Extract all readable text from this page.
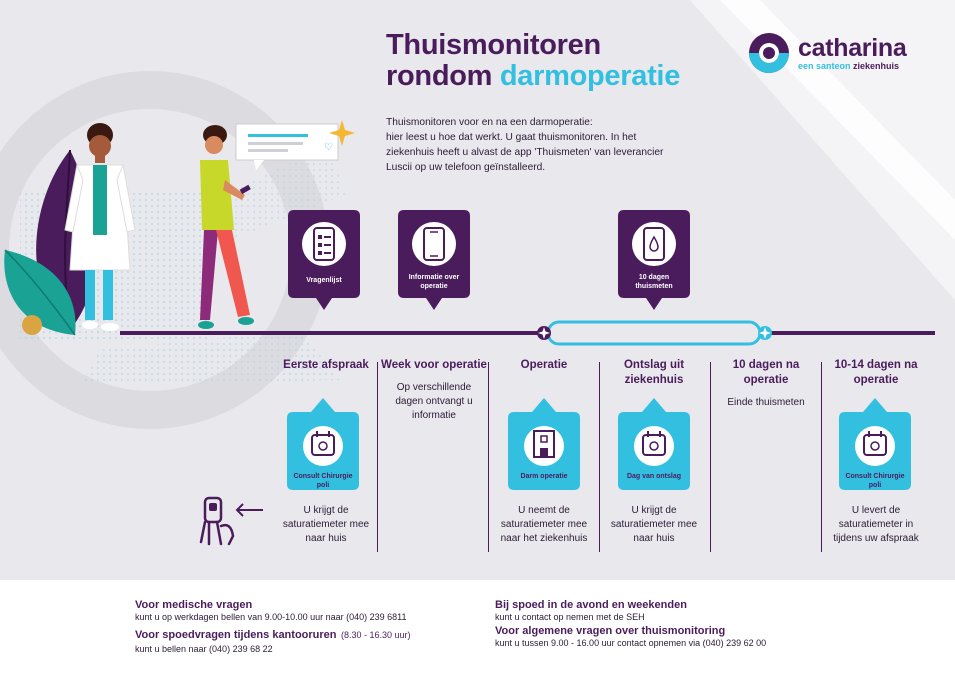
♡
Thuismonitoren
rondom darmoperatie
Thuismonitoren voor en na een darmoperatie:
hier leest u hoe dat werkt. U gaat thuismonitoren. In het
ziekenhuis heeft u alvast de app 'Thuismeten' van leverancier
Luscii op uw telefoon geïnstalleerd.
catharina
een santeon ziekenhuis
Vragenlijst	Informatie over operatie
10 dagen thuismeten
Eerste afspraak
Consult Chirurgie poli
U krijgt de saturatiemeter mee naar huis
Week voor operatie
Op verschillende dagen ontvangt u informatie
Operatie
Darm operatie
U neemt de saturatiemeter mee naar het ziekenhuis
Ontslag uit ziekenhuis
Dag van ontslag
U krijgt de saturatiemeter mee naar huis
10 dagen na operatie
Einde thuismeten
10-14 dagen na operatie
Consult Chirurgie poli
U levert de saturatiemeter in tijdens uw afspraak
Voor medische vragen
kunt u op werkdagen bellen van 9.00-10.00 uur naar (040) 239 6811
Voor spoedvragen tijdens kantooruren (8.30 - 16.30 uur)
kunt u bellen naar (040) 239 68 22
Bij spoed in de avond en weekenden
kunt u contact op nemen met de SEH
Voor algemene vragen over thuismonitoring
kunt u tussen 9.00 - 16.00 uur contact opnemen via (040) 239 62 00
